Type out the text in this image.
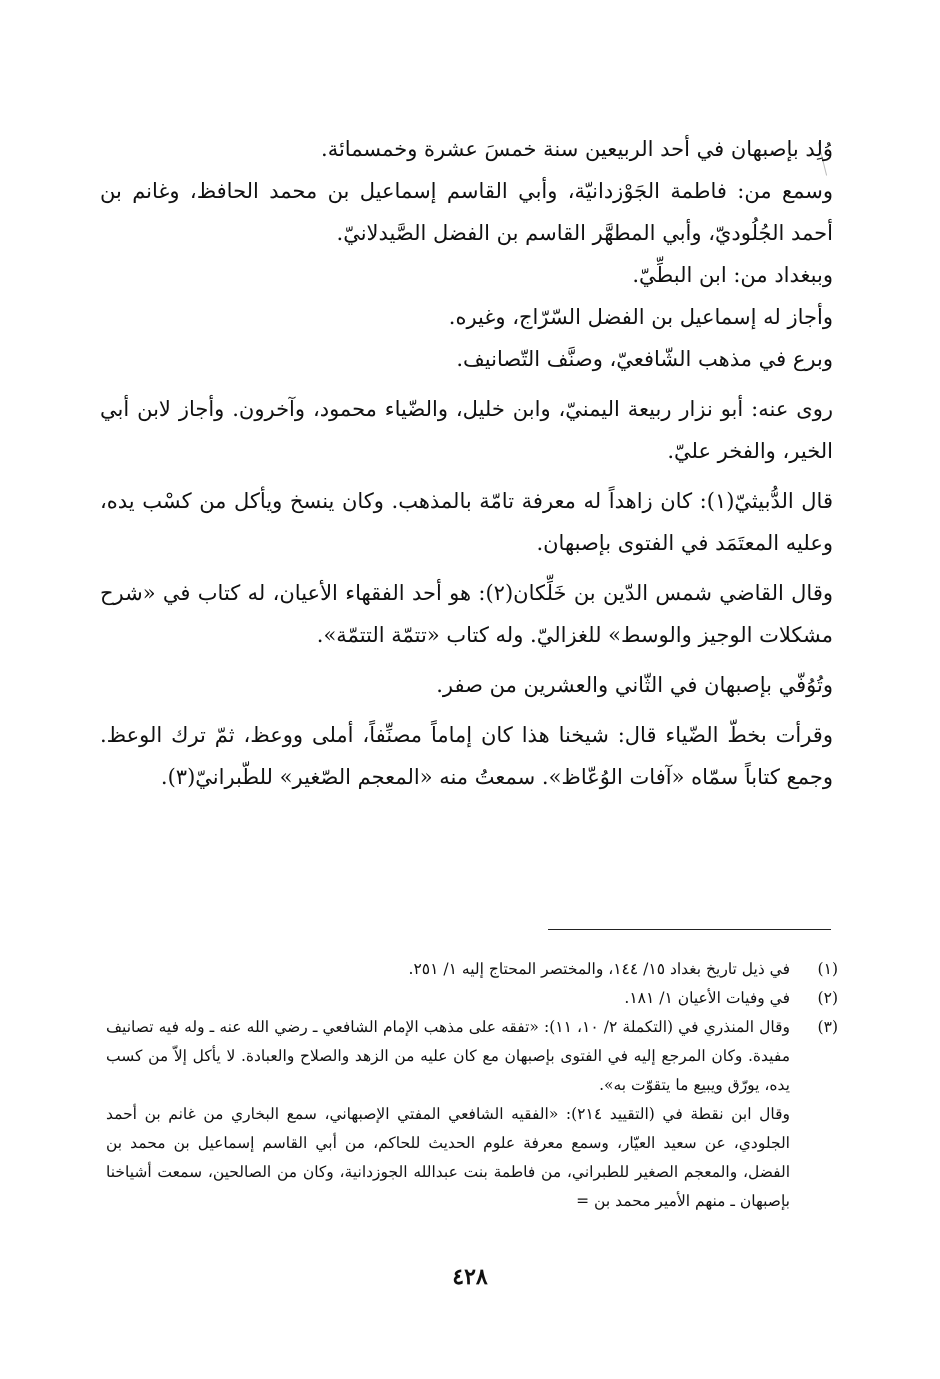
وُلِد بإصبهان في أحد الربيعين سنة خمسَ عشرة وخمسمائة.

وسمع من: فاطمة الجَوْزدانيّة، وأبي القاسم إسماعيل بن محمد الحافظ، وغانم بن أحمد الجُلُوديّ، وأبي المطهَّر القاسم بن الفضل الصَّيدلانيّ.

وببغداد من: ابن البطِّيّ.

وأجاز له إسماعيل بن الفضل السّرّاج، وغيره.

وبرع في مذهب الشّافعيّ، وصنَّف التّصانيف.

روى عنه: أبو نزار ربيعة اليمنيّ، وابن خليل، والضّياء محمود، وآخرون. وأجاز لابن أبي الخير، والفخر عليّ.

قال الدُّبيثيّ(١): كان زاهداً له معرفة تامّة بالمذهب. وكان ينسخ ويأكل من كسْب يده، وعليه المعتَمَد في الفتوى بإصبهان.

وقال القاضي شمس الدّين بن خَلِّكان(٢): هو أحد الفقهاء الأعيان، له كتاب في «شرح مشكلات الوجيز والوسط» للغزاليّ. وله كتاب «تتمّة التتمّة».

وتُوُفّي بإصبهان في الثّاني والعشرين من صفر.

وقرأت بخطّ الضّياء قال: شيخنا هذا كان إماماً مصنِّفاً، أملى ووعظ، ثمّ ترك الوعظ. وجمع كتاباً سمّاه «آفات الوُعّاظ». سمعتُ منه «المعجم الصّغير» للطّبرانيّ(٣).

(١)
في ذيل تاريخ بغداد ١٥/ ١٤٤، والمختصر المحتاج إليه ١/ ٢٥١.
(٢)
في وفيات الأعيان ١/ ١٨١.
(٣)
وقال المنذري في (التكملة ٢/ ١٠، ١١): «تفقه على مذهب الإمام الشافعي ـ رضي الله عنه ـ وله فيه تصانيف مفيدة. وكان المرجع إليه في الفتوى بإصبهان مع كان عليه من الزهد والصلاح والعبادة. لا يأكل إلاّ من كسب يده، يورّق ويبيع ما يتقوّت به».
وقال ابن نقطة في (التقييد ٢١٤): «الفقيه الشافعي المفتي الإصبهاني، سمع البخاري من غانم بن أحمد الجلودي، عن سعيد العيّار، وسمع معرفة علوم الحديث للحاكم، من أبي القاسم إسماعيل بن محمد بن الفضل، والمعجم الصغير للطبراني، من فاطمة بنت عبدالله الجوزدانية، وكان من الصالحين، سمعت أشياخنا بإصبهان ـ منهم الأمير محمد بن =
٤٢٨
